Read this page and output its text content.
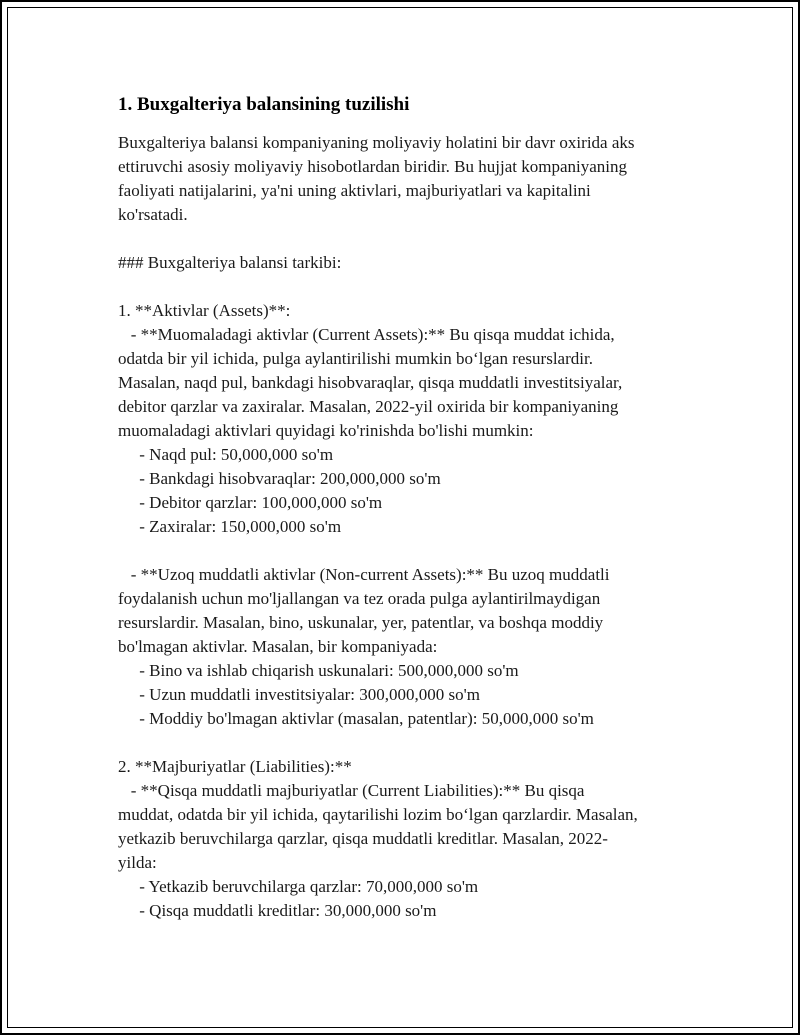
1. Buxgalteriya balansining tuzilishi
Buxgalteriya balansi kompaniyaning moliyaviy holatini bir davr oxirida aks
ettiruvchi asosiy moliyaviy hisobotlardan biridir. Bu hujjat kompaniyaning
faoliyati natijalarini, ya'ni uning aktivlari, majburiyatlari va kapitalini
ko'rsatadi.

### Buxgalteriya balansi tarkibi:

1. **Aktivlar (Assets)**:
- **Muomaladagi aktivlar (Current Assets):** Bu qisqa muddat ichida,
odatda bir yil ichida, pulga aylantirilishi mumkin bo‘lgan resurslardir.
Masalan, naqd pul, bankdagi hisobvaraqlar, qisqa muddatli investitsiyalar,
debitor qarzlar va zaxiralar. Masalan, 2022-yil oxirida bir kompaniyaning
muomaladagi aktivlari quyidagi ko'rinishda bo'lishi mumkin:
- Naqd pul: 50,000,000 so'm
- Bankdagi hisobvaraqlar: 200,000,000 so'm
- Debitor qarzlar: 100,000,000 so'm
- Zaxiralar: 150,000,000 so'm

- **Uzoq muddatli aktivlar (Non-current Assets):** Bu uzoq muddatli
foydalanish uchun mo'ljallangan va tez orada pulga aylantirilmaydigan
resurslardir. Masalan, bino, uskunalar, yer, patentlar, va boshqa moddiy
bo'lmagan aktivlar. Masalan, bir kompaniyada:
- Bino va ishlab chiqarish uskunalari: 500,000,000 so'm
- Uzun muddatli investitsiyalar: 300,000,000 so'm
- Moddiy bo'lmagan aktivlar (masalan, patentlar): 50,000,000 so'm

2. **Majburiyatlar (Liabilities):**
- **Qisqa muddatli majburiyatlar (Current Liabilities):** Bu qisqa
muddat, odatda bir yil ichida, qaytarilishi lozim bo‘lgan qarzlardir. Masalan,
yetkazib beruvchilarga qarzlar, qisqa muddatli kreditlar. Masalan, 2022-
yilda:
- Yetkazib beruvchilarga qarzlar: 70,000,000 so'm
- Qisqa muddatli kreditlar: 30,000,000 so'm
